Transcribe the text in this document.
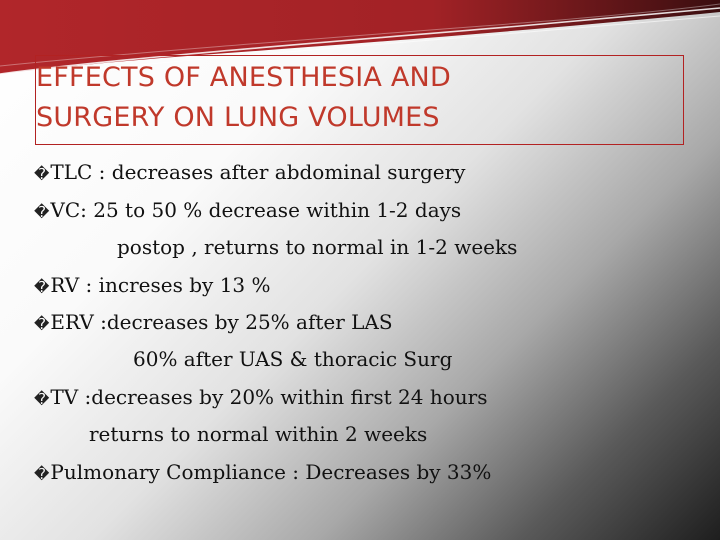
EFFECTS OF ANESTHESIA AND
SURGERY ON LUNG VOLUMES
�TLC : decreases after abdominal surgery
�VC: 25 to 50 % decrease within 1-2 days
postop , returns to normal in 1-2 weeks
�RV : increses by 13 %
�ERV :decreases by 25% after LAS
60% after UAS & thoracic Surg
�TV :decreases by 20% within first 24 hours
returns to normal within 2 weeks
�Pulmonary Compliance : Decreases by 33%
